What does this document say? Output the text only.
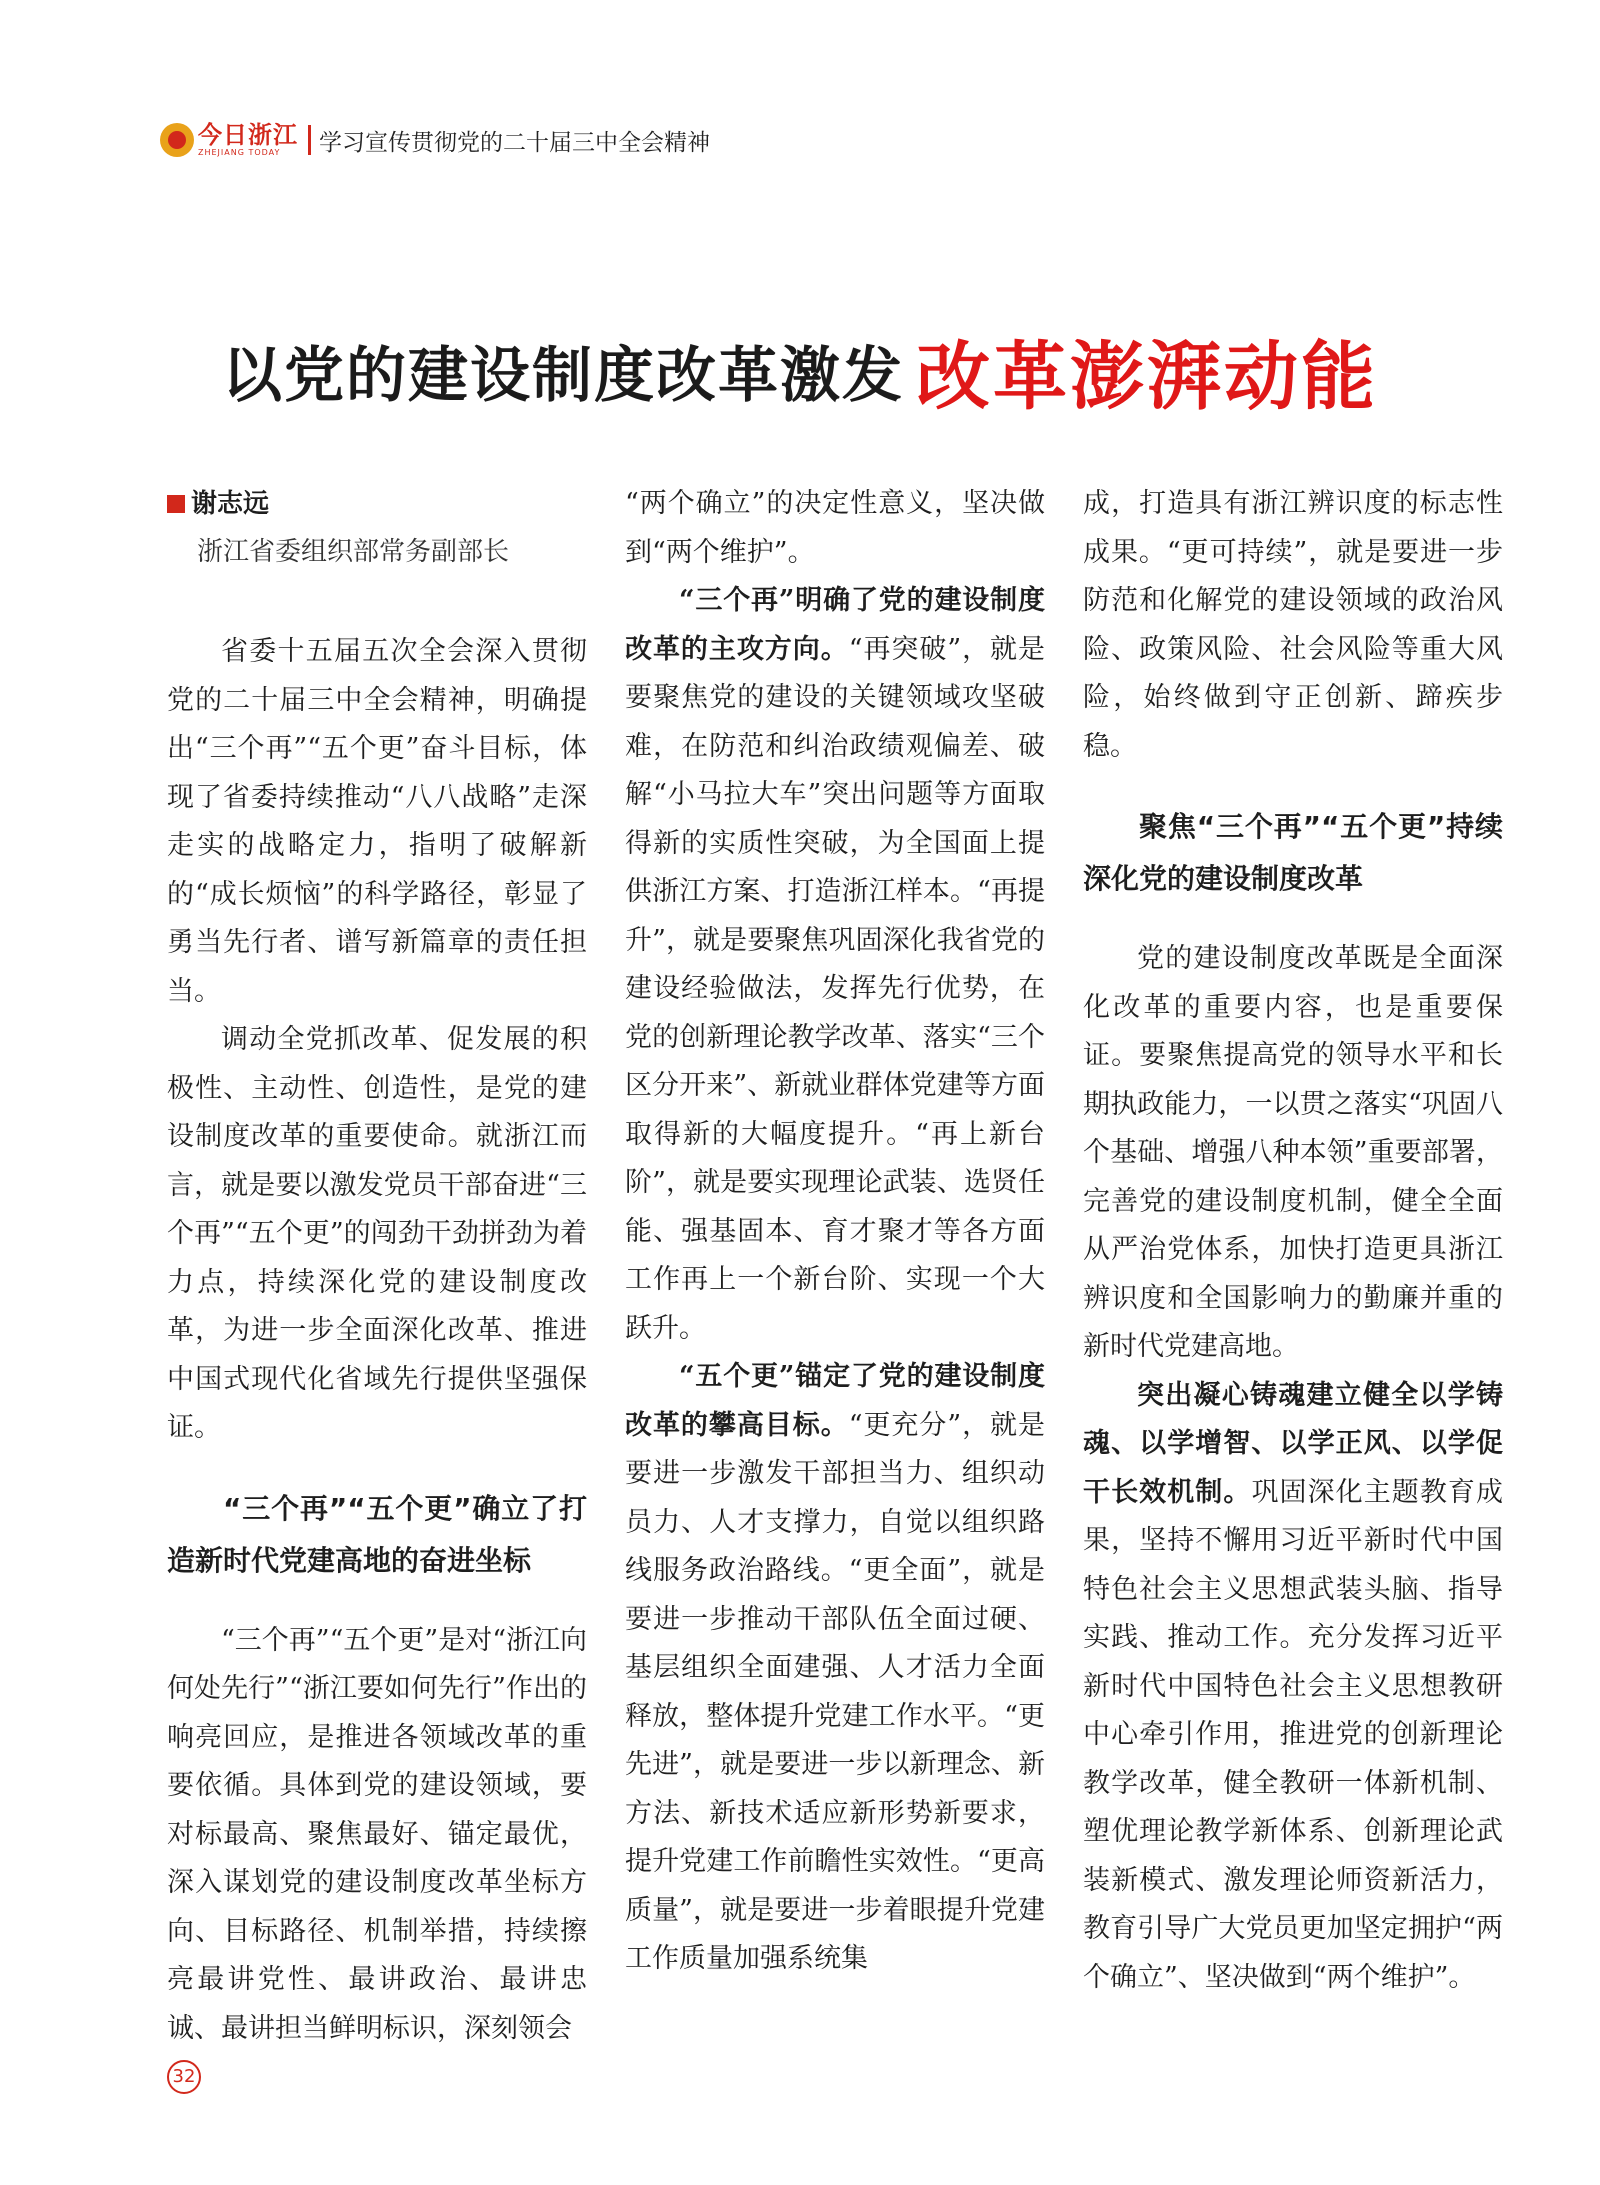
今日浙江
ZHEJIANG TODAY	学习宣传贯彻党的二十届三中全会精神
以党的建设制度改革激发 改革澎湃动能
谢志远
浙江省委组织部常务副部长

省委十五届五次全会深入贯彻党的二十届三中全会精神，明确提出“三个再”“五个更”奋斗目标，体现了省委持续推动“八八战略”走深走实的战略定力，指明了破解新的“成长烦恼”的科学路径，彰显了勇当先行者、谱写新篇章的责任担当。

调动全党抓改革、促发展的积极性、主动性、创造性，是党的建设制度改革的重要使命。就浙江而言，就是要以激发党员干部奋进“三个再”“五个更”的闯劲干劲拼劲为着力点，持续深化党的建设制度改革，为进一步全面深化改革、推进中国式现代化省域先行提供坚强保证。

“三个再”“五个更”确立了打造新时代党建高地的奋进坐标

“三个再”“五个更”是对“浙江向何处先行”“浙江要如何先行”作出的响亮回应，是推进各领域改革的重要依循。具体到党的建设领域，要对标最高、聚焦最好、锚定最优，深入谋划党的建设制度改革坐标方向、目标路径、机制举措，持续擦亮最讲党性、最讲政治、最讲忠诚、最讲担当鲜明标识，深刻领会

“两个确立”的决定性意义，坚决做到“两个维护”。

“三个再”明确了党的建设制度改革的主攻方向。“再突破”，就是要聚焦党的建设的关键领域攻坚破难，在防范和纠治政绩观偏差、破解“小马拉大车”突出问题等方面取得新的实质性突破，为全国面上提供浙江方案、打造浙江样本。“再提升”，就是要聚焦巩固深化我省党的建设经验做法，发挥先行优势，在党的创新理论教学改革、落实“三个区分开来”、新就业群体党建等方面取得新的大幅度提升。“再上新台阶”，就是要实现理论武装、选贤任能、强基固本、育才聚才等各方面工作再上一个新台阶、实现一个大跃升。

“五个更”锚定了党的建设制度改革的攀高目标。“更充分”，就是要进一步激发干部担当力、组织动员力、人才支撑力，自觉以组织路线服务政治路线。“更全面”，就是要进一步推动干部队伍全面过硬、基层组织全面建强、人才活力全面释放，整体提升党建工作水平。“更先进”，就是要进一步以新理念、新方法、新技术适应新形势新要求，提升党建工作前瞻性实效性。“更高质量”，就是要进一步着眼提升党建工作质量加强系统集

成，打造具有浙江辨识度的标志性成果。“更可持续”，就是要进一步防范和化解党的建设领域的政治风险、政策风险、社会风险等重大风险，始终做到守正创新、蹄疾步稳。

聚焦“三个再”“五个更”持续深化党的建设制度改革

党的建设制度改革既是全面深化改革的重要内容，也是重要保证。要聚焦提高党的领导水平和长期执政能力，一以贯之落实“巩固八个基础、增强八种本领”重要部署，完善党的建设制度机制，健全全面从严治党体系，加快打造更具浙江辨识度和全国影响力的勤廉并重的新时代党建高地。

突出凝心铸魂建立健全以学铸魂、以学增智、以学正风、以学促干长效机制。巩固深化主题教育成果，坚持不懈用习近平新时代中国特色社会主义思想武装头脑、指导实践、推动工作。充分发挥习近平新时代中国特色社会主义思想教研中心牵引作用，推进党的创新理论教学改革，健全教研一体新机制、塑优理论教学新体系、创新理论武装新模式、激发理论师资新活力，教育引导广大党员更加坚定拥护“两个确立”、坚决做到“两个维护”。

32
